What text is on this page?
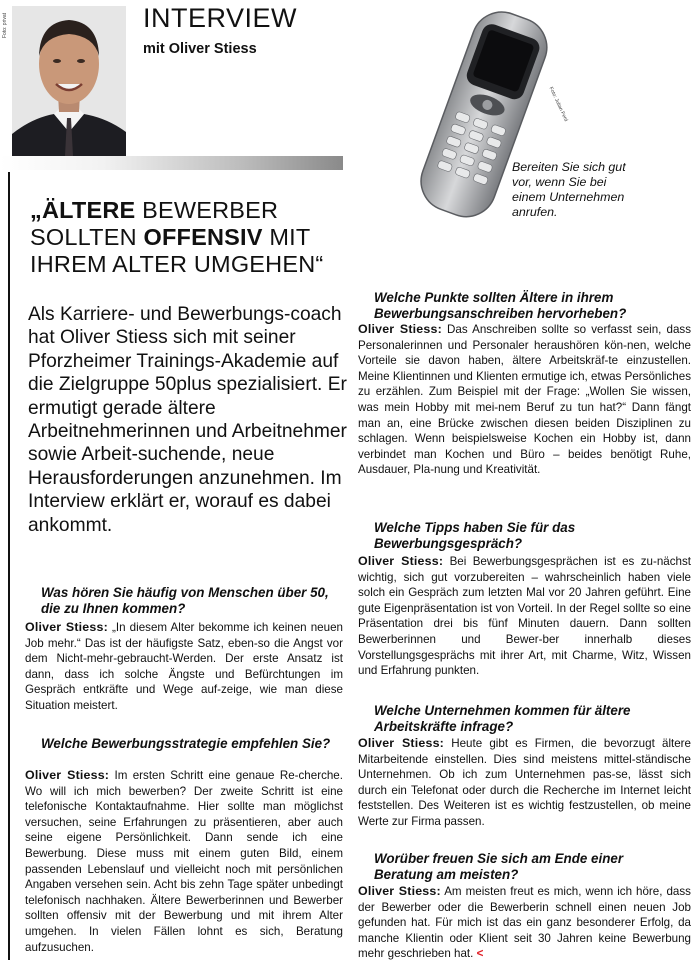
Foto: privat	INTERVIEW
mit Oliver Stiess
Foto: Julian Ferd
Bereiten Sie sich gut vor, wenn Sie bei einem Unternehmen anrufen.
„ÄLTERE BEWERBER SOLLTEN OFFENSIV MIT IHREM ALTER UMGEHEN“
Als Karriere- und Bewerbungs-coach hat Oliver Stiess sich mit seiner Pforzheimer Trainings-Akademie auf die Zielgruppe 50plus spezialisiert. Er ermutigt gerade ältere Arbeitnehmerinnen und Arbeitnehmer sowie Arbeit-suchende, neue Herausforderungen anzunehmen. Im Interview erklärt er, worauf es dabei ankommt.
Was hören Sie häufig von Menschen über 50, die zu Ihnen kommen?
Oliver Stiess: „In diesem Alter bekomme ich keinen neuen Job mehr.“ Das ist der häufigste Satz, eben-so die Angst vor dem Nicht-mehr-gebraucht-Werden. Der erste Ansatz ist dann, dass ich solche Ängste und Befürchtungen im Gespräch entkräfte und Wege auf-zeige, wie man diese Situation meistert.
Welche Bewerbungsstrategie empfehlen Sie?
Oliver Stiess: Im ersten Schritt eine genaue Re-cherche. Wo will ich mich bewerben? Der zweite Schritt ist eine telefonische Kontaktaufnahme. Hier sollte man möglichst versuchen, seine Erfahrungen zu präsentieren, aber auch seine eigene Persönlichkeit. Dann sende ich eine Bewerbung. Diese muss mit einem guten Bild, einem passenden Lebenslauf und vielleicht noch mit persönlichen Angaben versehen sein. Acht bis zehn Tage später unbedingt telefonisch nachhaken. Ältere Bewerberinnen und Bewerber sollten offensiv mit der Bewerbung und mit ihrem Alter umgehen. In vielen Fällen lohnt es sich, Beratung aufzusuchen.
Welche Punkte sollten Ältere in ihrem Bewerbungsanschreiben hervorheben?
Oliver Stiess: Das Anschreiben sollte so verfasst sein, dass Personalerinnen und Personaler heraushören kön-nen, welche Vorteile sie davon haben, ältere Arbeitskräf-te einzustellen. Meine Klientinnen und Klienten ermutige ich, etwas Persönliches zu erzählen. Zum Beispiel mit der Frage: „Wollen Sie wissen, was mein Hobby mit mei-nem Beruf zu tun hat?“ Dann fängt man an, eine Brücke zwischen diesen beiden Disziplinen zu schlagen. Wenn beispielsweise Kochen ein Hobby ist, dann verbindet man Kochen und Büro – beides benötigt Ruhe, Ausdauer, Pla-nung und Kreativität.
Welche Tipps haben Sie für das Bewerbungsgespräch?
Oliver Stiess: Bei Bewerbungsgesprächen ist es zu-nächst wichtig, sich gut vorzubereiten – wahrscheinlich haben viele solch ein Gespräch zum letzten Mal vor 20 Jahren geführt. Eine gute Eigenpräsentation ist von Vorteil. In der Regel sollte so eine Präsentation drei bis fünf Minuten dauern. Dann sollten Bewerberinnen und Bewer-ber innerhalb dieses Vorstellungsgesprächs mit ihrer Art, mit Charme, Witz, Wissen und Erfahrung punkten.
Welche Unternehmen kommen für ältere Arbeitskräfte infrage?
Oliver Stiess: Heute gibt es Firmen, die bevorzugt ältere Mitarbeitende einstellen. Dies sind meistens mittel-ständische Unternehmen. Ob ich zum Unternehmen pas-se, lässt sich durch ein Telefonat oder durch die Recherche im Internet leicht feststellen. Des Weiteren ist es wichtig festzustellen, ob meine Werte zur Firma passen.
Worüber freuen Sie sich am Ende einer Beratung am meisten?
Oliver Stiess: Am meisten freut es mich, wenn ich höre, dass der Bewerber oder die Bewerberin schnell einen neuen Job gefunden hat. Für mich ist das ein ganz besonderer Erfolg, da manche Klientin oder Klient seit 30 Jahren keine Bewerbung mehr geschrieben hat. <
